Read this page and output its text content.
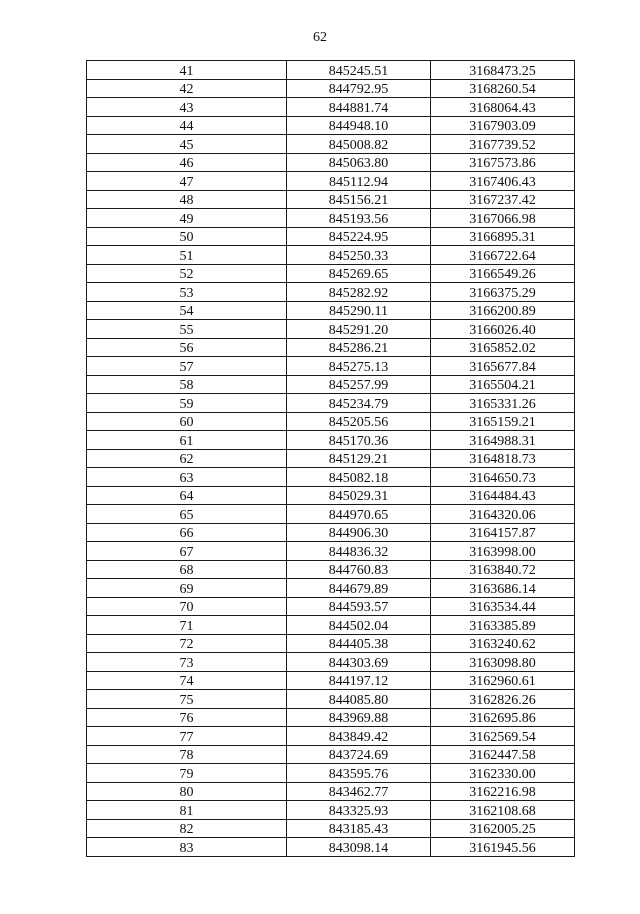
62
41	845245.51	3168473.25
42	844792.95	3168260.54
43	844881.74	3168064.43
44	844948.10	3167903.09
45	845008.82	3167739.52
46	845063.80	3167573.86
47	845112.94	3167406.43
48	845156.21	3167237.42
49	845193.56	3167066.98
50	845224.95	3166895.31
51	845250.33	3166722.64
52	845269.65	3166549.26
53	845282.92	3166375.29
54	845290.11	3166200.89
55	845291.20	3166026.40
56	845286.21	3165852.02
57	845275.13	3165677.84
58	845257.99	3165504.21
59	845234.79	3165331.26
60	845205.56	3165159.21
61	845170.36	3164988.31
62	845129.21	3164818.73
63	845082.18	3164650.73
64	845029.31	3164484.43
65	844970.65	3164320.06
66	844906.30	3164157.87
67	844836.32	3163998.00
68	844760.83	3163840.72
69	844679.89	3163686.14
70	844593.57	3163534.44
71	844502.04	3163385.89
72	844405.38	3163240.62
73	844303.69	3163098.80
74	844197.12	3162960.61
75	844085.80	3162826.26
76	843969.88	3162695.86
77	843849.42	3162569.54
78	843724.69	3162447.58
79	843595.76	3162330.00
80	843462.77	3162216.98
81	843325.93	3162108.68
82	843185.43	3162005.25
83	843098.14	3161945.56
